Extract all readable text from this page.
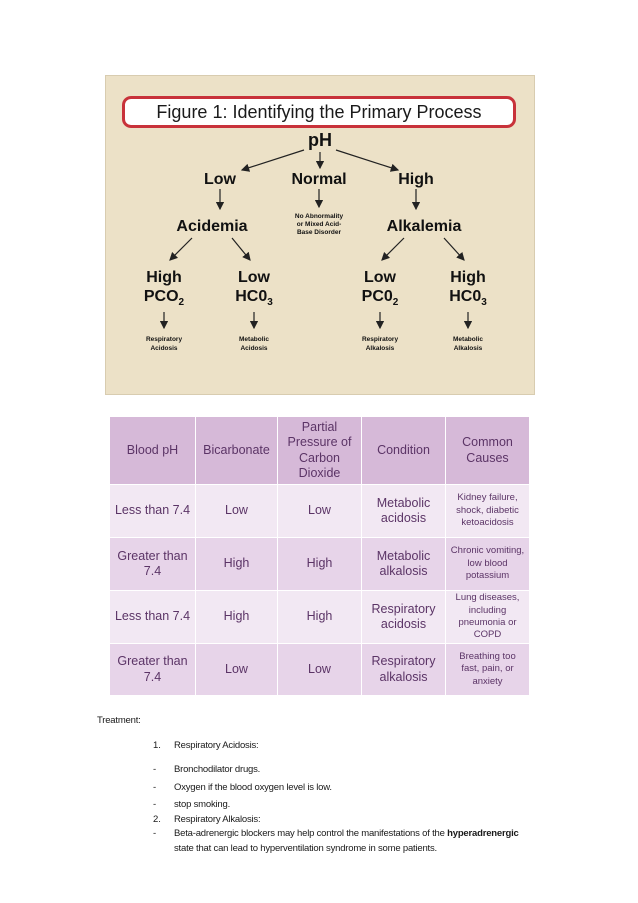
Figure 1: Identifying the Primary Process
pH
Low	Normal	High
Acidemia
No Abnormality
or Mixed Acid-
Base Disorder	Alkalemia
High
$PCO_2$
Low
$HC0_3$
Low
$PC0_2$
High
$HC0_3$
Respiratory
Acidosis
Metabolic
Acidosis
Respiratory
Alkalosis
Metabolic
Alkalosis
Blood pH	Bicarbonate	Partial Pressure of Carbon Dioxide	Condition	Common Causes
Less than 7.4	Low	Low	Metabolic acidosis	Kidney failure, shock, diabetic ketoacidosis
Greater than 7.4	High	High	Metabolic alkalosis	Chronic vomiting, low blood potassium
Less than 7.4	High	High	Respiratory acidosis	Lung diseases, including pneumonia or COPD
Greater than 7.4	Low	Low	Respiratory alkalosis	Breathing too fast, pain, or anxiety
Treatment:
1. Respiratory Acidosis:
- Bronchodilator drugs.
- Oxygen if the blood oxygen level is low.
- stop smoking.
2. Respiratory Alkalosis:
- Beta-adrenergic blockers may help control the manifestations of the hyperadrenergic
state that can lead to hyperventilation syndrome in some patients.
